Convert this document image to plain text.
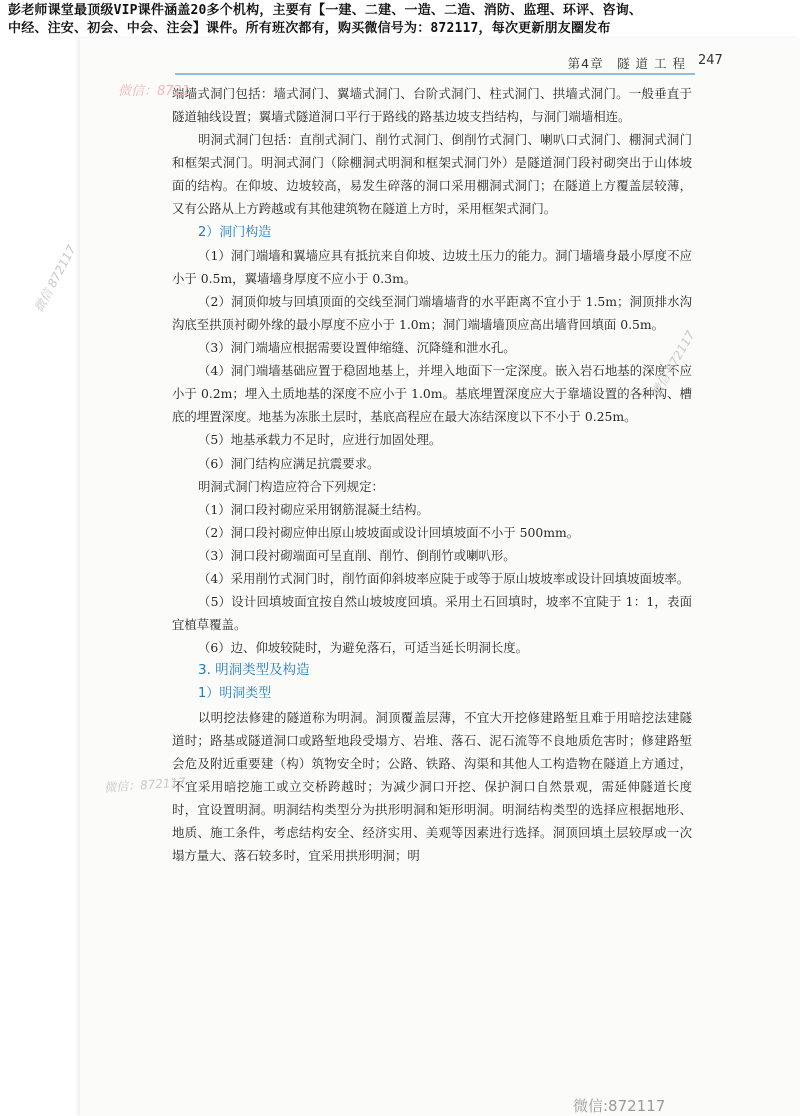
彭老师课堂最顶级VIP课件涵盖20多个机构，主要有【一建、二建、一造、二造、消防、监理、环评、咨询、
中经、注安、初会、中会、注会】课件。所有班次都有，购买微信号为：872117，每次更新朋友圈发布
第4章　隧 道 工 程 247

端墙式洞门包括：墙式洞门、翼墙式洞门、台阶式洞门、柱式洞门、拱墙式洞门。一般垂直于隧道轴线设置；翼墙式隧道洞口平行于路线的路基边坡支挡结构，与洞门端墙相连。

明洞式洞门包括：直削式洞门、削竹式洞门、倒削竹式洞门、喇叭口式洞门、棚洞式洞门和框架式洞门。明洞式洞门（除棚洞式明洞和框架式洞门外）是隧道洞门段衬砌突出于山体坡面的结构。在仰坡、边坡较高，易发生碎落的洞口采用棚洞式洞门；在隧道上方覆盖层较薄，又有公路从上方跨越或有其他建筑物在隧道上方时，采用框架式洞门。

2）洞门构造

（1）洞门端墙和翼墙应具有抵抗来自仰坡、边坡土压力的能力。洞门墙墙身最小厚度不应小于 0.5m，翼墙墙身厚度不应小于 0.3m。

（2）洞顶仰坡与回填顶面的交线至洞门端墙墙背的水平距离不宜小于 1.5m；洞顶排水沟沟底至拱顶衬砌外缘的最小厚度不应小于 1.0m；洞门端墙墙顶应高出墙背回填面 0.5m。

（3）洞门端墙应根据需要设置伸缩缝、沉降缝和泄水孔。

（4）洞门端墙基础应置于稳固地基上，并埋入地面下一定深度。嵌入岩石地基的深度不应小于 0.2m；埋入土质地基的深度不应小于 1.0m。基底埋置深度应大于靠墙设置的各种沟、槽底的埋置深度。地基为冻胀土层时，基底高程应在最大冻结深度以下不小于 0.25m。

（5）地基承载力不足时，应进行加固处理。

（6）洞门结构应满足抗震要求。

明洞式洞门构造应符合下列规定：

（1）洞口段衬砌应采用钢筋混凝土结构。

（2）洞口段衬砌应伸出原山坡坡面或设计回填坡面不小于 500mm。

（3）洞口段衬砌端面可呈直削、削竹、倒削竹或喇叭形。

（4）采用削竹式洞门时，削竹面仰斜坡率应陡于或等于原山坡坡率或设计回填坡面坡率。

（5）设计回填坡面宜按自然山坡坡度回填。采用土石回填时，坡率不宜陡于 1：1，表面宜植草覆盖。

（6）边、仰坡较陡时，为避免落石，可适当延长明洞长度。

3. 明洞类型及构造
1）明洞类型

以明挖法修建的隧道称为明洞。洞顶覆盖层薄，不宜大开挖修建路堑且难于用暗挖法建隧道时；路基或隧道洞口或路堑地段受塌方、岩堆、落石、泥石流等不良地质危害时；修建路堑会危及附近重要建（构）筑物安全时；公路、铁路、沟渠和其他人工构造物在隧道上方通过，不宜采用暗挖施工或立交桥跨越时；为减少洞口开挖、保护洞口自然景观，需延伸隧道长度时，宜设置明洞。明洞结构类型分为拱形明洞和矩形明洞。明洞结构类型的选择应根据地形、地质、施工条件，考虑结构安全、经济实用、美观等因素进行选择。洞顶回填土层较厚或一次塌方量大、落石较多时，宜采用拱形明洞；明

微信：8721
微信 872117
微信 872117
微信：872117
微信:872117
